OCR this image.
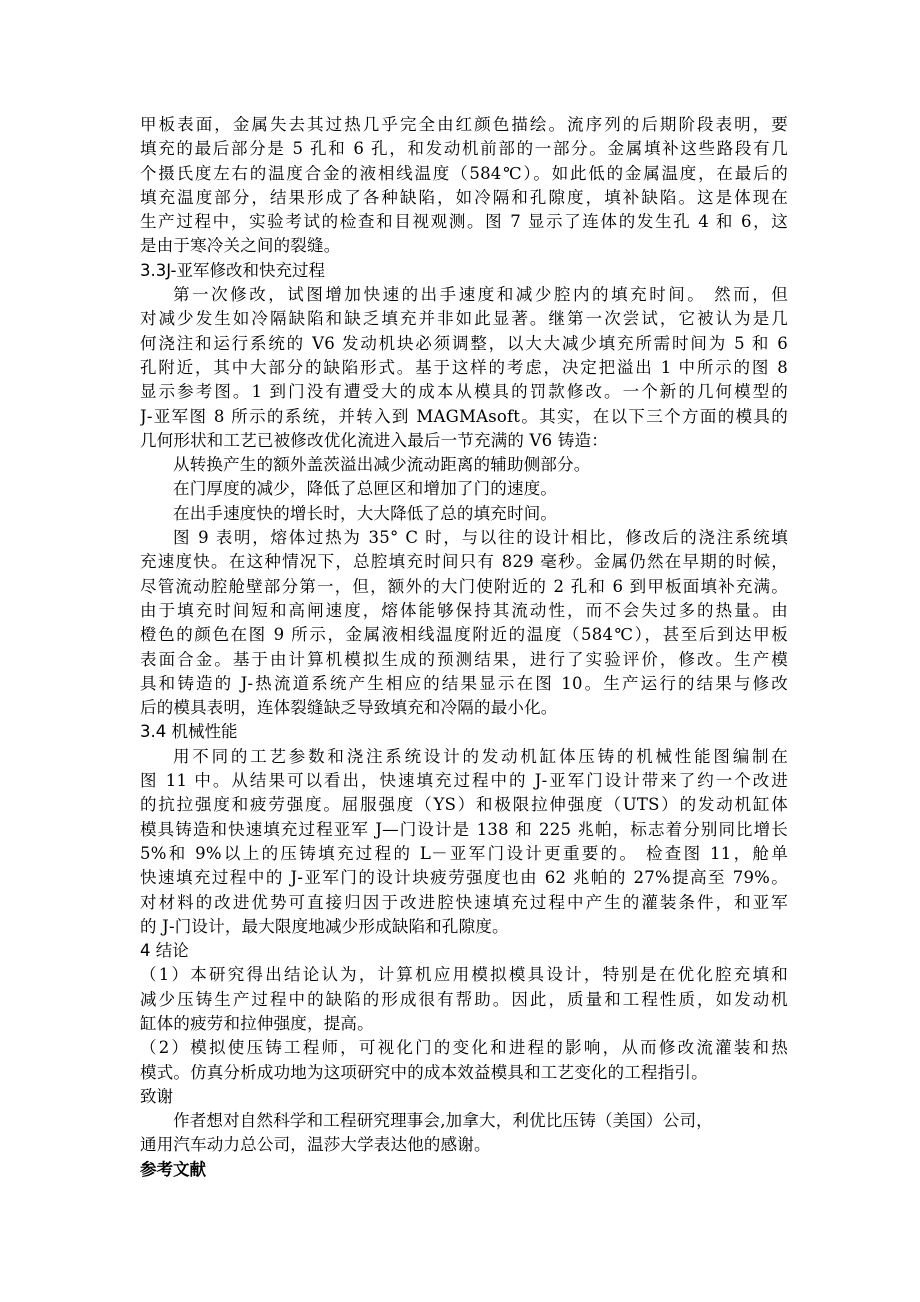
甲板表面，金属失去其过热几乎完全由红颜色描绘。流序列的后期阶段表明，要
填充的最后部分是 5 孔和 6 孔，和发动机前部的一部分。金属填补这些路段有几
个摄氏度左右的温度合金的液相线温度（584℃）。如此低的金属温度，在最后的
填充温度部分，结果形成了各种缺陷，如冷隔和孔隙度，填补缺陷。这是体现在
生产过程中，实验考试的检查和目视观测。图 7 显示了连体的发生孔 4 和 6，这
是由于寒冷关之间的裂缝。
3.3J-亚军修改和快充过程
第一次修改，试图增加快速的出手速度和减少腔内的填充时间。 然而，但
对减少发生如冷隔缺陷和缺乏填充并非如此显著。继第一次尝试，它被认为是几
何浇注和运行系统的 V6 发动机块必须调整，以大大减少填充所需时间为 5 和 6
孔附近，其中大部分的缺陷形式。基于这样的考虑，决定把溢出 1 中所示的图 8
显示参考图。1 到门没有遭受大的成本从模具的罚款修改。一个新的几何模型的
J-亚军图 8 所示的系统，并转入到 MAGMAsoft。其实，在以下三个方面的模具的
几何形状和工艺已被修改优化流进入最后一节充满的 V6 铸造：
从转换产生的额外盖茨溢出减少流动距离的辅助侧部分。
在门厚度的减少，降低了总匣区和增加了门的速度。
在出手速度快的增长时，大大降低了总的填充时间。
图 9 表明，熔体过热为 35° C 时，与以往的设计相比，修改后的浇注系统填
充速度快。在这种情况下，总腔填充时间只有 829 毫秒。金属仍然在早期的时候，
尽管流动腔舱壁部分第一，但，额外的大门使附近的 2 孔和 6 到甲板面填补充满。
由于填充时间短和高闸速度，熔体能够保持其流动性，而不会失过多的热量。由
橙色的颜色在图 9 所示，金属液相线温度附近的温度（584℃），甚至后到达甲板
表面合金。基于由计算机模拟生成的预测结果，进行了实验评价，修改。生产模
具和铸造的 J-热流道系统产生相应的结果显示在图 10。生产运行的结果与修改
后的模具表明，连体裂缝缺乏导致填充和冷隔的最小化。
3.4 机械性能
用不同的工艺参数和浇注系统设计的发动机缸体压铸的机械性能图编制在
图 11 中。从结果可以看出，快速填充过程中的 J-亚军门设计带来了约一个改进
的抗拉强度和疲劳强度。屈服强度（YS）和极限拉伸强度（UTS）的发动机缸体
模具铸造和快速填充过程亚军 J—门设计是 138 和 225 兆帕，标志着分别同比增长
5%和 9%以上的压铸填充过程的 L－亚军门设计更重要的。 检查图 11，舱单
快速填充过程中的 J-亚军门的设计块疲劳强度也由 62 兆帕的 27%提高至 79%。
对材料的改进优势可直接归因于改进腔快速填充过程中产生的灌装条件，和亚军
的 J-门设计，最大限度地减少形成缺陷和孔隙度。
4 结论
（1）本研究得出结论认为，计算机应用模拟模具设计，特别是在优化腔充填和
减少压铸生产过程中的缺陷的形成很有帮助。因此，质量和工程性质，如发动机
缸体的疲劳和拉伸强度，提高。
（2）模拟使压铸工程师，可视化门的变化和进程的影响，从而修改流灌装和热
模式。仿真分析成功地为这项研究中的成本效益模具和工艺变化的工程指引。
致谢
作者想对自然科学和工程研究理事会,加拿大，利优比压铸（美国）公司，
通用汽车动力总公司，温莎大学表达他的感谢。
参考文献
